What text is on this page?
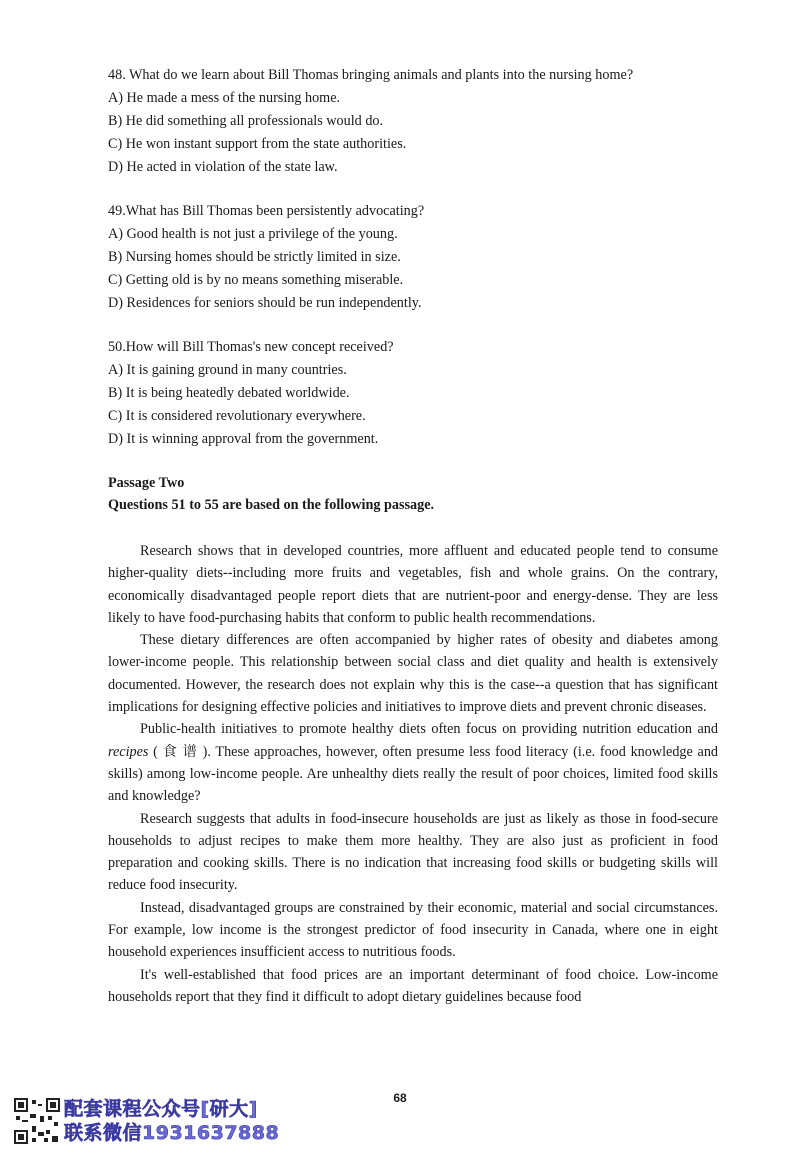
48. What do we learn about Bill Thomas bringing animals and plants into the nursing home?

A) He made a mess of the nursing home.

B) He did something all professionals would do.

C) He won instant support from the state authorities.

D) He acted in violation of the state law.

49.What has Bill Thomas been persistently advocating?

A) Good health is not just a privilege of the young.

B) Nursing homes should be strictly limited in size.

C) Getting old is by no means something miserable.

D) Residences for seniors should be run independently.

50.How will Bill Thomas's new concept received?

A) It is gaining ground in many countries.

B) It is being heatedly debated worldwide.

C) It is considered revolutionary everywhere.

D) It is winning approval from the government.

Passage Two

Questions 51 to 55 are based on the following passage.

Research shows that in developed countries, more affluent and educated people tend to consume higher-quality diets--including more fruits and vegetables, fish and whole grains. On the contrary, economically disadvantaged people report diets that are nutrient-poor and energy-dense. They are less likely to have food-purchasing habits that conform to public health recommendations.

These dietary differences are often accompanied by higher rates of obesity and diabetes among lower-income people. This relationship between social class and diet quality and health is extensively documented. However, the research does not explain why this is the case--a question that has significant implications for designing effective policies and initiatives to improve diets and prevent chronic diseases.

Public-health initiatives to promote healthy diets often focus on providing nutrition education and recipes ( 食 谱 ). These approaches, however, often presume less food literacy (i.e. food knowledge and skills) among low-income people. Are unhealthy diets really the result of poor choices, limited food skills and knowledge?

Research suggests that adults in food-insecure households are just as likely as those in food-secure households to adjust recipes to make them more healthy. They are also just as proficient in food preparation and cooking skills. There is no indication that increasing food skills or budgeting skills will reduce food insecurity.

Instead, disadvantaged groups are constrained by their economic, material and social circumstances. For example, low income is the strongest predictor of food insecurity in Canada, where one in eight household experiences insufficient access to nutritious foods.

It's well-established that food prices are an important determinant of food choice. Low-income households report that they find it difficult to adopt dietary guidelines because food

68
配套课程公众号[研大]
联系微信1931637888
